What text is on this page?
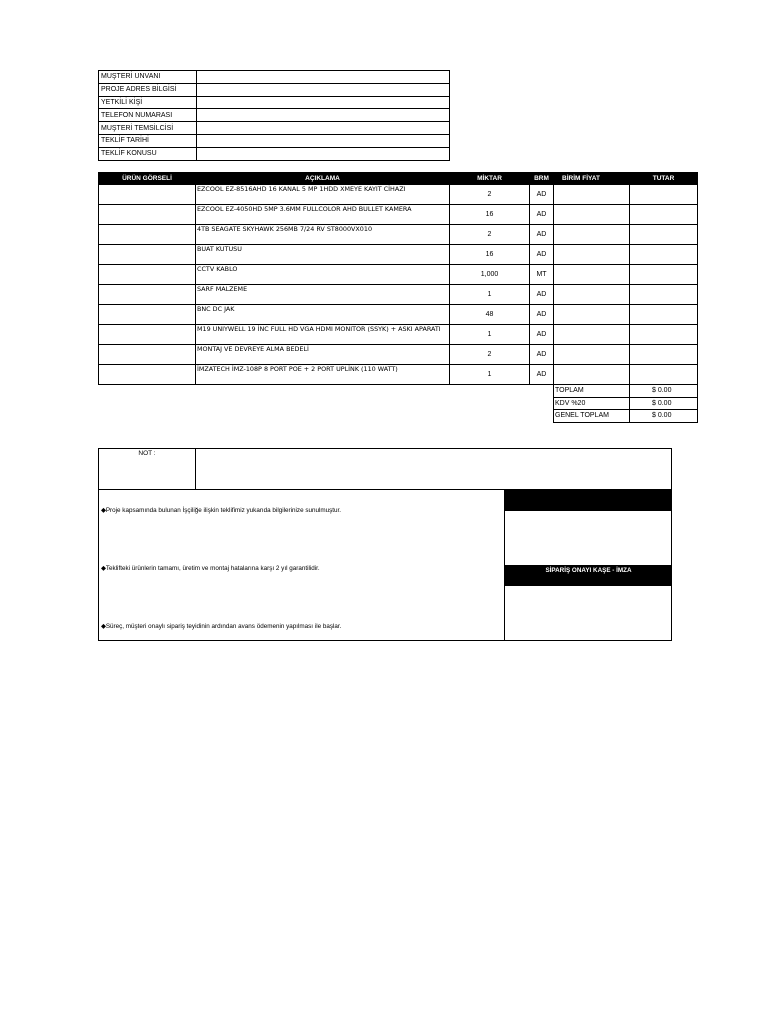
MUŞTERİ UNVANI	
PROJE ADRES BİLGİSİ	
YETKİLİ KİŞİ	
TELEFON NUMARASI	
MUŞTERİ TEMSİLCİSİ	
TEKLİF TARİHİ	
TEKLİF KONUSU	
ÜRÜN GÖRSELİ	AÇIKLAMA	MİKTAR	BRM	BİRİM FİYAT	TUTAR
	EZCOOL EZ-8516AHD 16 KANAL 5 MP 1HDD XMEYE KAYIT CİHAZI	2	AD		
	EZCOOL EZ-4050HD 5MP 3.6MM FULLCOLOR AHD BULLET KAMERA	16	AD		
	4TB SEAGATE SKYHAWK 256MB 7/24 RV ST8000VX010	2	AD		
	BUAT KUTUSU	16	AD		
	CCTV KABLO	1,000	MT		
	SARF MALZEME	1	AD		
	BNC DC JAK	48	AD		
	M19 UNIYWELL 19 İNC FULL HD VGA HDMI MONITOR (SSYK) + ASKI APARATI	1	AD		
	MONTAJ VE DEVREYE ALMA BEDELİ	2	AD		
	İMZATECH İMZ-108P 8 PORT POE + 2 PORT UPLİNK (110 WATT)	1	AD		
				TOPLAM	$ 0.00
				KDV %20	$ 0.00
				GENEL TOPLAM	$ 0.00
NOT :
◆Proje kapsamında bulunan İşçiliğe ilişkin teklifimiz yukarıda bilgilerinize sunulmuştur.
◆Teklifteki ürünlerin tamamı, üretim ve montaj hatalarına karşı 2 yıl garantilidir.
◆Süreç, müşteri onaylı sipariş teyidinin ardından avans ödemenin yapılması ile başlar.
SİPARİŞ ONAYI KAŞE - İMZA
